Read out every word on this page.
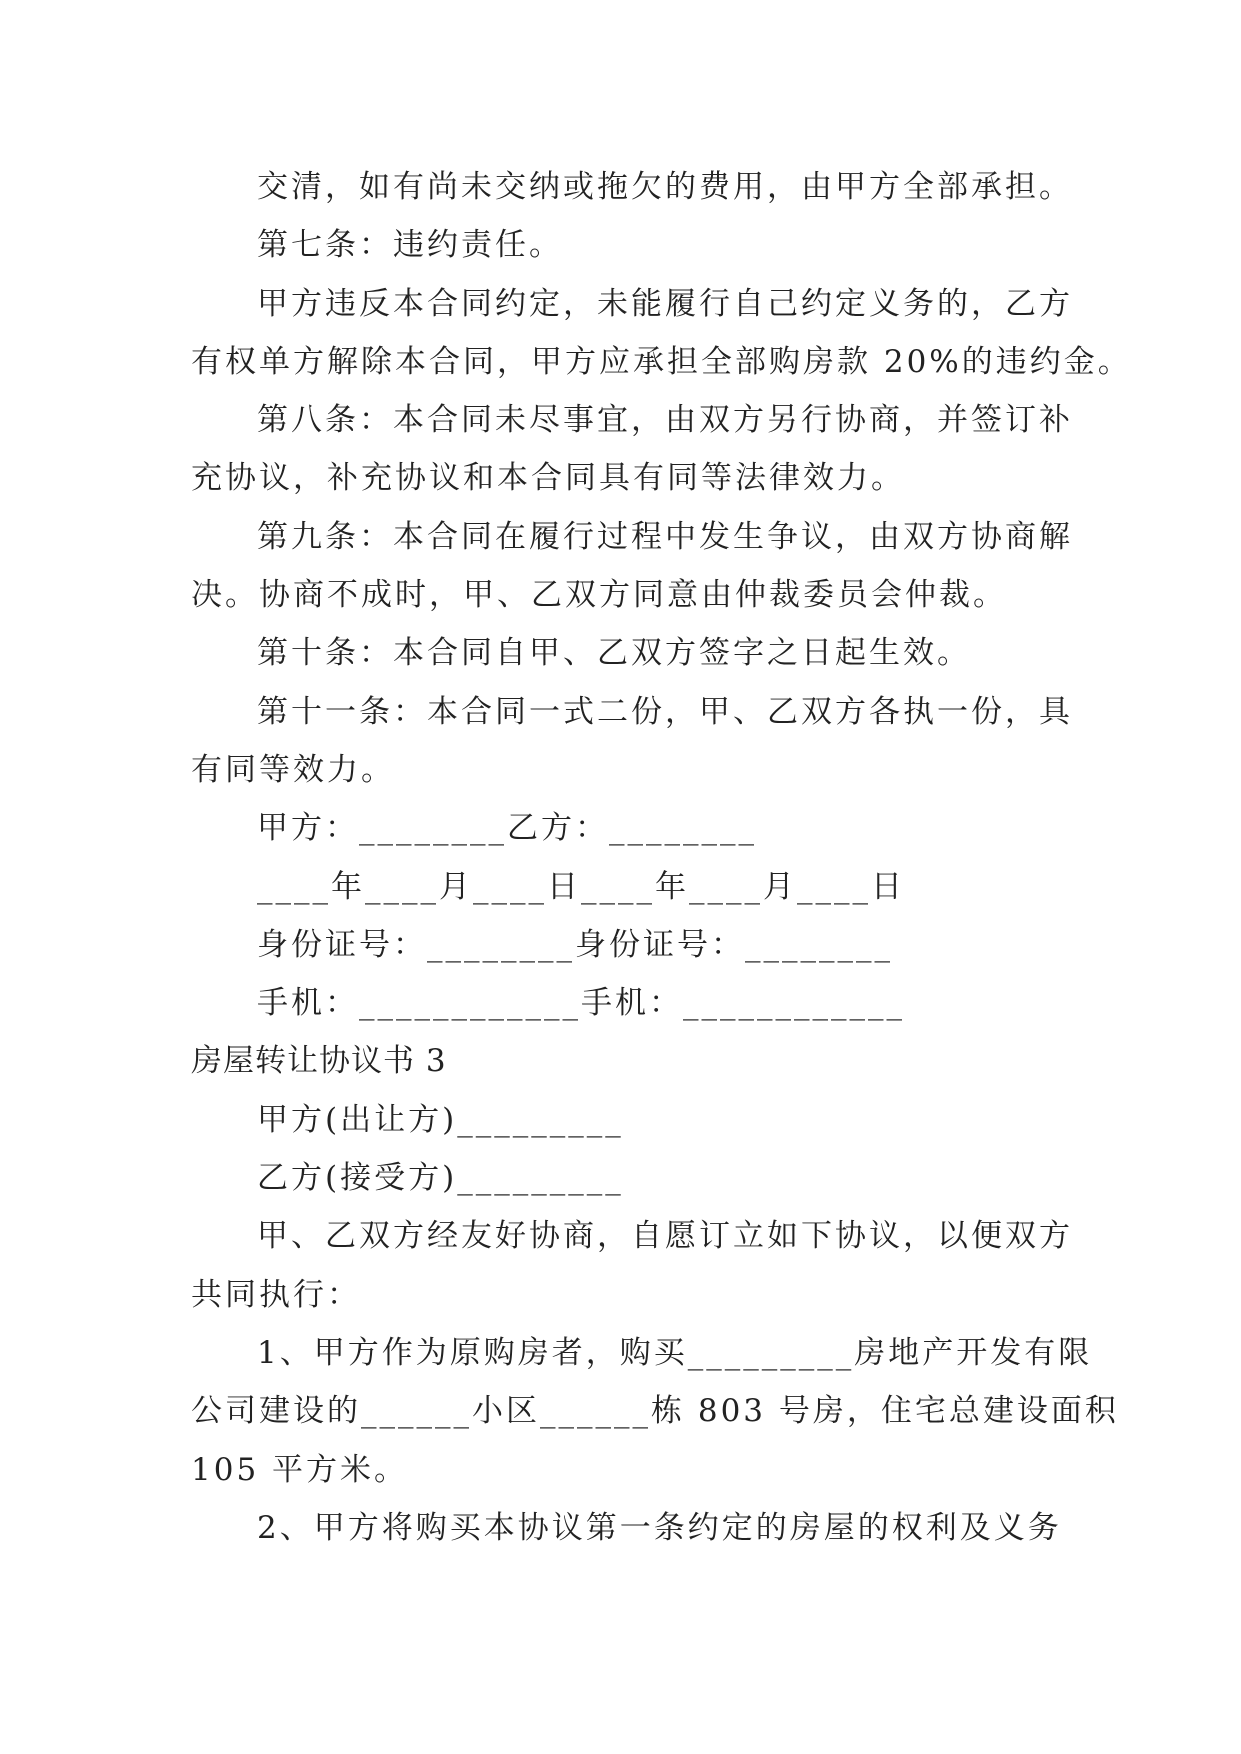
交清，如有尚未交纳或拖欠的费用，由甲方全部承担。
第七条：违约责任。
甲方违反本合同约定，未能履行自己约定义务的，乙方
有权单方解除本合同，甲方应承担全部购房款 20%的违约金。
第八条：本合同未尽事宜，由双方另行协商，并签订补
充协议，补充协议和本合同具有同等法律效力。
第九条：本合同在履行过程中发生争议，由双方协商解
决。协商不成时，甲、乙双方同意由仲裁委员会仲裁。
第十条：本合同自甲、乙双方签字之日起生效。
第十一条：本合同一式二份，甲、乙双方各执一份，具
有同等效力。
甲方：________乙方：________
____年____月____日____年____月____日
身份证号：________身份证号：________
手机：____________手机：____________
房屋转让协议书 3
甲方(出让方)_________
乙方(接受方)_________
甲、乙双方经友好协商，自愿订立如下协议，以便双方
共同执行：
1、甲方作为原购房者，购买_________房地产开发有限
公司建设的______小区______栋 803 号房，住宅总建设面积
105 平方米。
2、甲方将购买本协议第一条约定的房屋的权利及义务
